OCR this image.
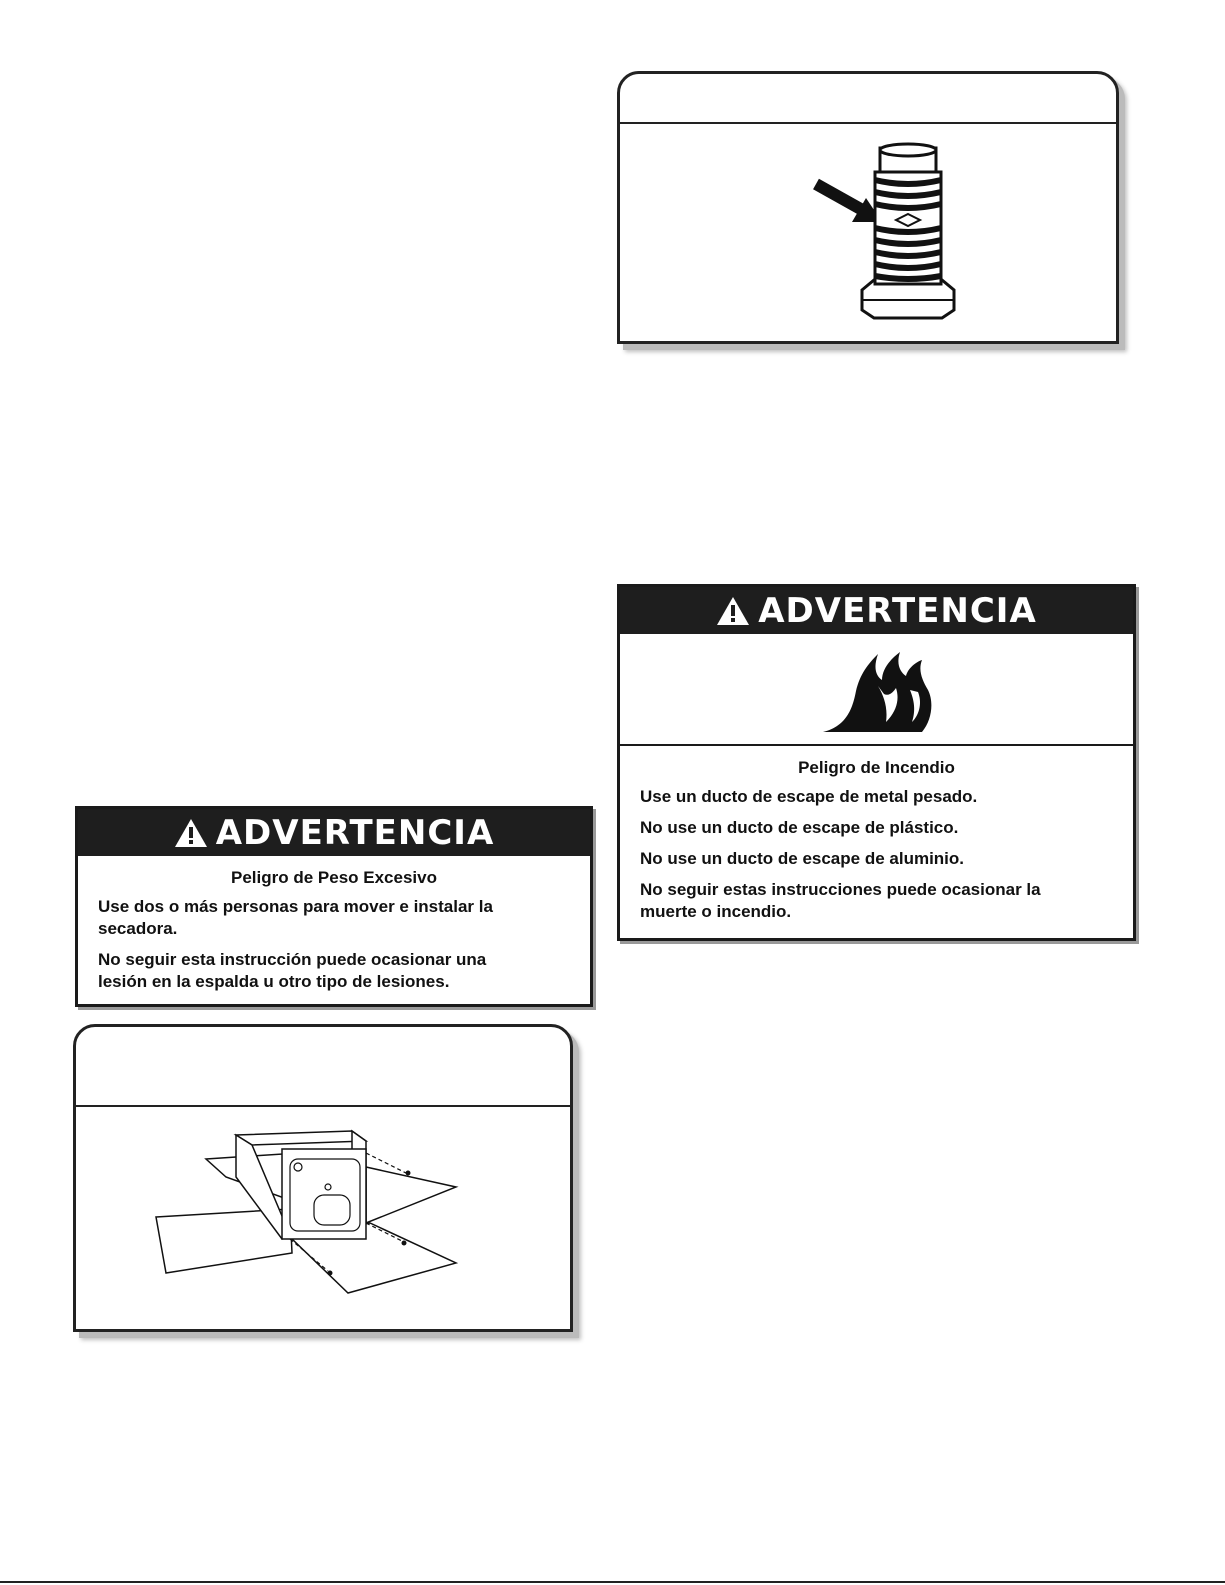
ADVERTENCIA
Peligro de Incendio

Use un ducto de escape de metal pesado.

No use un ducto de escape de plástico.

No use un ducto de escape de aluminio.

No seguir estas instrucciones puede ocasionar la muerte o incendio.

ADVERTENCIA
Peligro de Peso Excesivo

Use dos o más personas para mover e instalar la secadora.

No seguir esta instrucción puede ocasionar una lesión en la espalda u otro tipo de lesiones.
